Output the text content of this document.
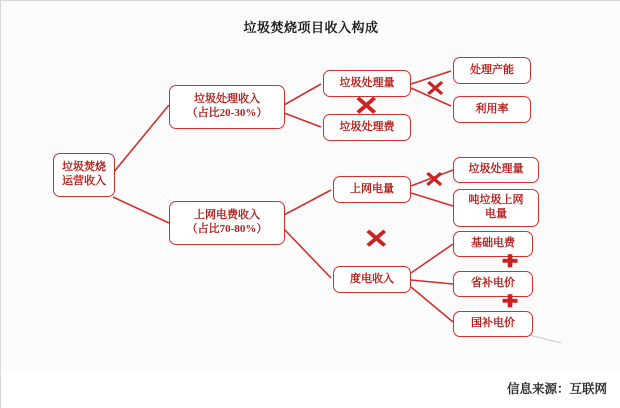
垃圾焚烧项目收入构成
垃圾焚烧
运营收入
垃圾处理收入
（占比20-30%）
上网电费收入
（占比70-80%）
垃圾处理量
垃圾处理费
上网电量
度电收入
处理产能
利用率
垃圾处理量
吨垃圾上网
电量
基础电费
省补电价
国补电价
✕
✕
✕
✕
✚
✚
信息来源：互联网
